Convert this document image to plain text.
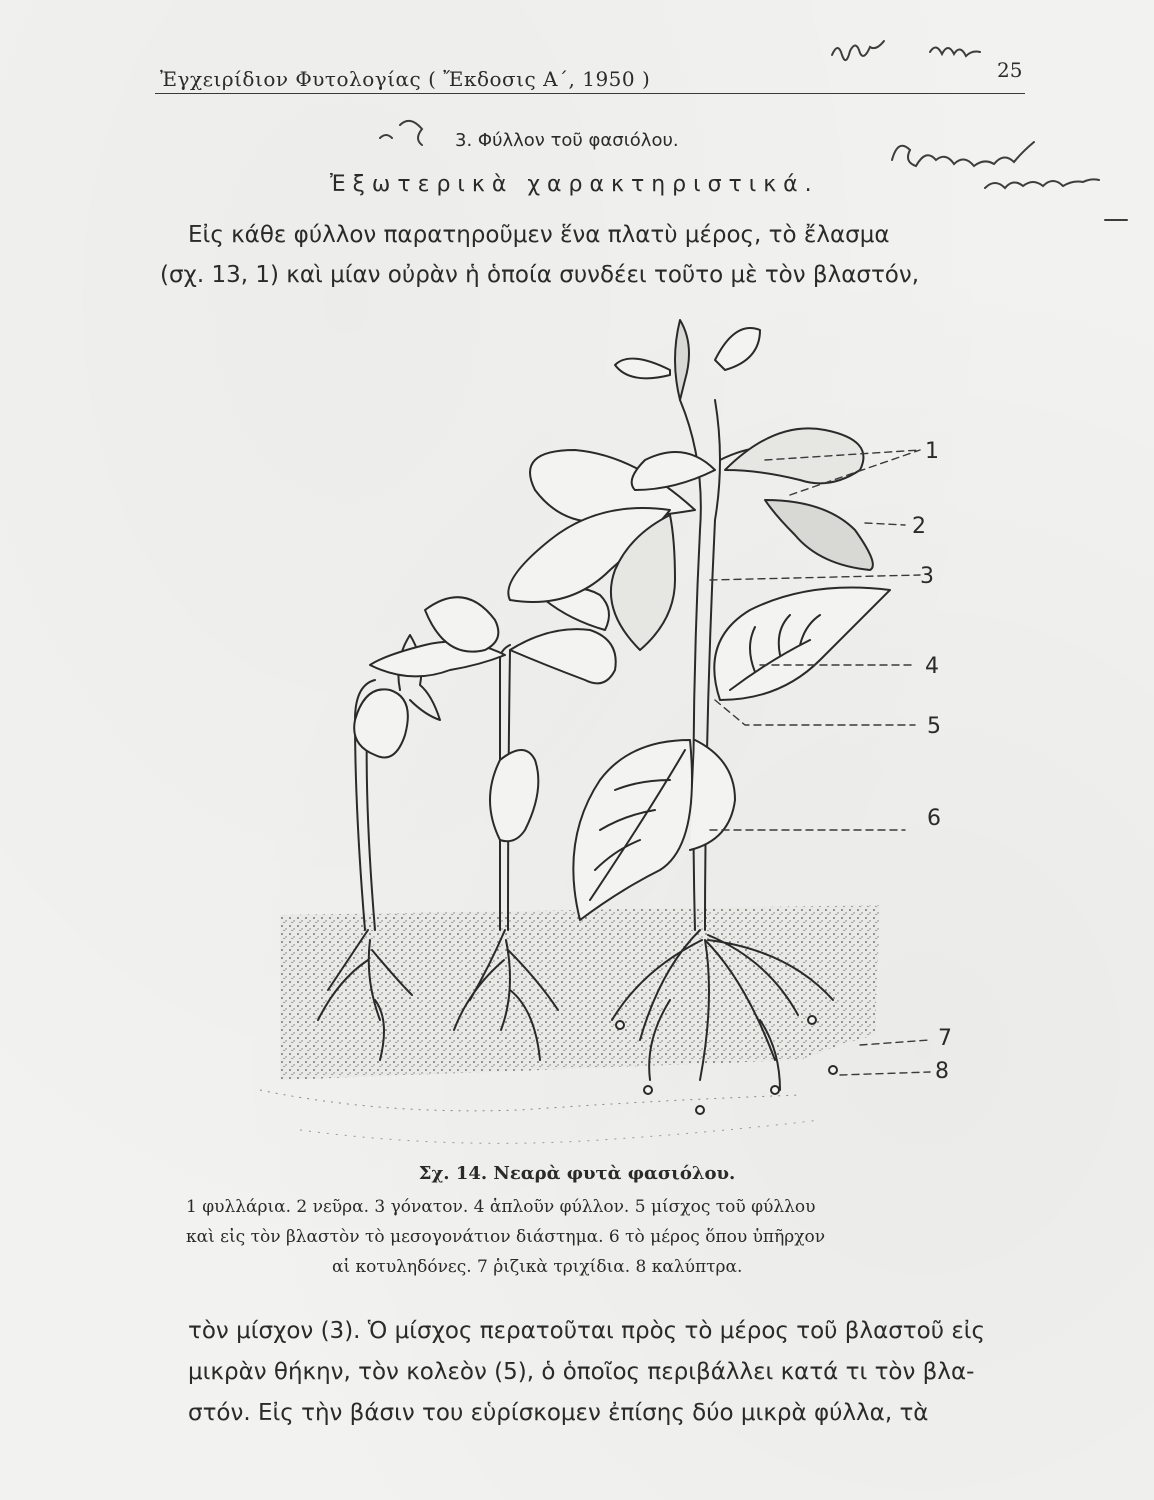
Ἐγχειρίδιον Φυτολογίας ( Ἔκδοσις Α΄, 1950 )	25
3. Φύλλον τοῦ φασιόλου.
Ἐξωτερικὰ χαρακτηριστικά.
Εἰς κάθε φύλλον παρατηροῦμεν ἕνα πλατὺ μέρος, τὸ ἔλασμα
(σχ. 13, 1) καὶ μίαν οὐρὰν ἡ ὁποία συνδέει τοῦτο μὲ τὸν βλαστόν,
1
2
3
4
5
6
7
8
Σχ. 14. Νεαρὰ φυτὰ φασιόλου.
1 φυλλάρια. 2 νεῦρα. 3 γόνατον. 4 ἁπλοῦν φύλλον. 5 μίσχος τοῦ φύλλου
καὶ εἰς τὸν βλαστὸν τὸ μεσογονάτιον διάστημα. 6 τὸ μέρος ὅπου ὑπῆρχον
αἱ κοτυληδόνες. 7 ῥιζικὰ τριχίδια. 8 καλύπτρα.
τὸν μίσχον (3). Ὁ μίσχος περατοῦται πρὸς τὸ μέρος τοῦ βλαστοῦ εἰς
μικρὰν θήκην, τὸν κολεὸν (5), ὁ ὁποῖος περιβάλλει κατά τι τὸν βλα-
στόν. Εἰς τὴν βάσιν του εὑρίσκομεν ἐπίσης δύο μικρὰ φύλλα, τὰ
